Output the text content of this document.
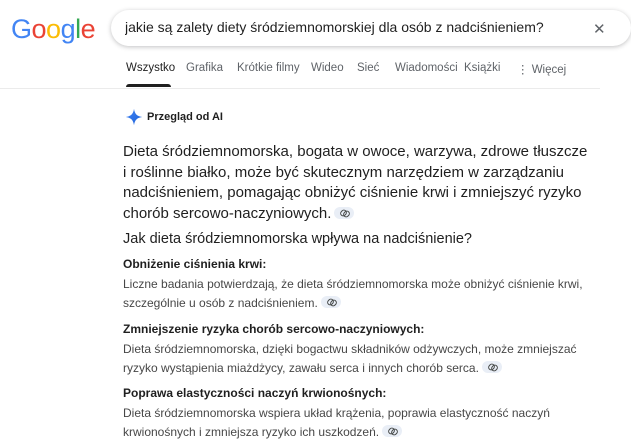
Google
jakie są zalety diety śródziemnomorskiej dla osób z nadciśnieniem?	✕
Wszystko Grafika Krótkie filmy Wideo Sieć Wiadomości Książki ⋮ Więcej
Przegląd od AI
Dieta śródziemnomorska, bogata w owoce, warzywa, zdrowe tłuszcze i roślinne białko, może być skutecznym narzędziem w zarządzaniu nadciśnieniem, pomagając obniżyć ciśnienie krwi i zmniejszyć ryzyko chorób sercowo-naczyniowych.
Jak dieta śródziemnomorska wpływa na nadciśnienie?
Obniżenie ciśnienia krwi:
Liczne badania potwierdzają, że dieta śródziemnomorska może obniżyć ciśnienie krwi, szczególnie u osób z nadciśnieniem.
Zmniejszenie ryzyka chorób sercowo-naczyniowych:
Dieta śródziemnomorska, dzięki bogactwu składników odżywczych, może zmniejszać ryzyko wystąpienia miażdżycy, zawału serca i innych chorób serca.
Poprawa elastyczności naczyń krwionośnych:
Dieta śródziemnomorska wspiera układ krążenia, poprawia elastyczność naczyń krwionośnych i zmniejsza ryzyko ich uszkodzeń.
